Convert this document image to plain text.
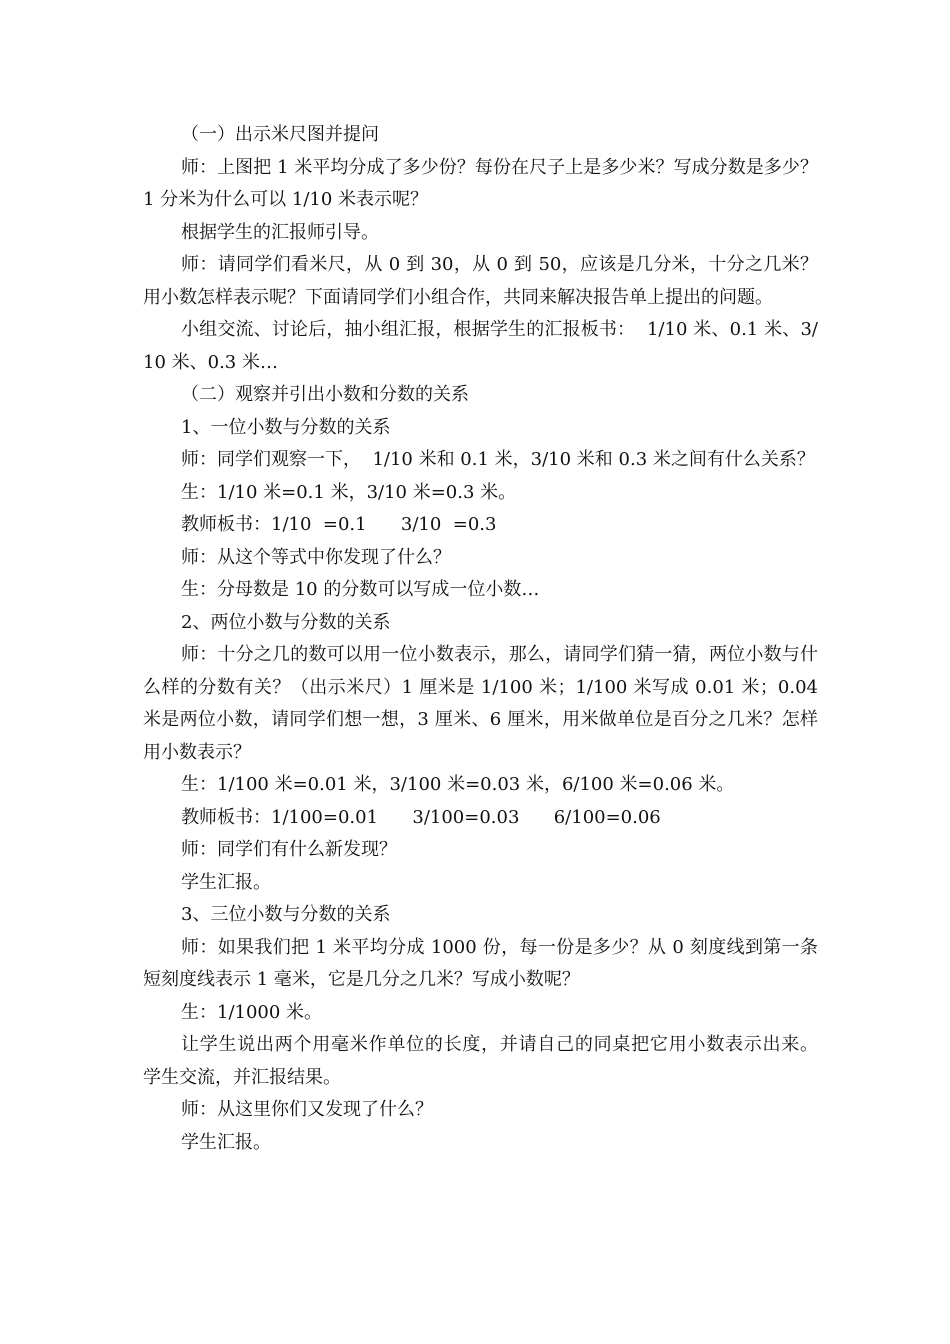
（一）出示米尺图并提问

师：上图把 1 米平均分成了多少份？每份在尺子上是多少米？写成分数是多少？  1 分米为什么可以 1/10 米表示呢？

根据学生的汇报师引导。

师：请同学们看米尺，从 0 到 30，从 0 到 50，应该是几分米，十分之几米？用小数怎样表示呢？下面请同学们小组合作，共同来解决报告单上提出的问题。

小组交流、讨论后，抽小组汇报，根据学生的汇报板书：  1/10 米、0.1 米、3/10 米、0.3 米…

（二）观察并引出小数和分数的关系

1、一位小数与分数的关系

师：同学们观察一下，  1/10 米和 0.1 米，3/10 米和 0.3 米之间有什么关系？

生：1/10 米=0.1 米，3/10 米=0.3 米。

教师板书：1/10  =0.1      3/10  =0.3

师：从这个等式中你发现了什么？

生：分母数是 10 的分数可以写成一位小数…

2、两位小数与分数的关系

师：十分之几的数可以用一位小数表示，那么，请同学们猜一猜，两位小数与什么样的分数有关？（出示米尺）1 厘米是 1/100 米；1/100 米写成 0.01 米；0.04 米是两位小数，请同学们想一想，3 厘米、6 厘米，用米做单位是百分之几米？怎样用小数表示？

生：1/100 米=0.01 米，3/100 米=0.03 米，6/100 米=0.06 米。

教师板书：1/100=0.01      3/100=0.03      6/100=0.06

师：同学们有什么新发现？

学生汇报。

3、三位小数与分数的关系

师：如果我们把 1 米平均分成 1000 份，每一份是多少？从 0 刻度线到第一条短刻度线表示 1 毫米，它是几分之几米？写成小数呢？

生：1/1000 米。

让学生说出两个用毫米作单位的长度，并请自己的同桌把它用小数表示出来。  学生交流，并汇报结果。

师：从这里你们又发现了什么？

学生汇报。
